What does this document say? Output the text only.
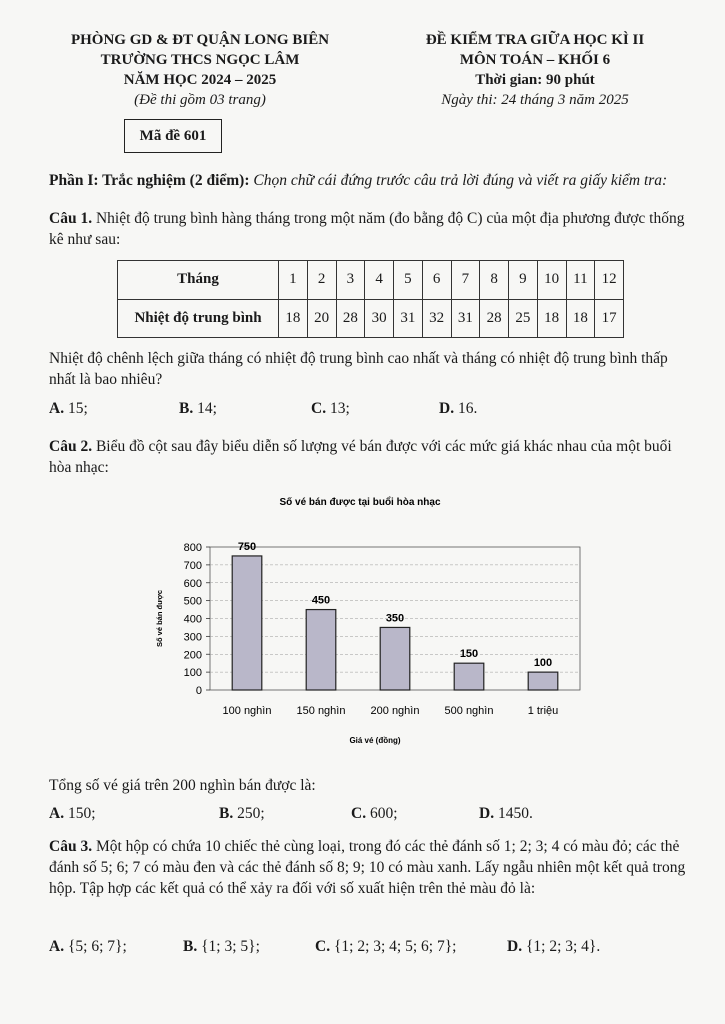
PHÒNG GD & ĐT QUẬN LONG BIÊN
TRƯỜNG THCS NGỌC LÂM
NĂM HỌC 2024 – 2025
(Đề thi gồm 03 trang)
ĐỀ KIỂM TRA GIỮA HỌC KÌ II
MÔN TOÁN – KHỐI 6
Thời gian: 90 phút
Ngày thi: 24 tháng 3 năm 2025
Mã đề 601
Phần I: Trắc nghiệm (2 điểm): Chọn chữ cái đứng trước câu trả lời đúng và viết ra giấy kiểm tra:
Câu 1. Nhiệt độ trung bình hàng tháng trong một năm (đo bằng độ C) của một địa phương được thống kê như sau:
Tháng	1	2	3	4	5	6	7	8	9	10	11	12
Nhiệt độ trung bình	18	20	28	30	31	32	31	28	25	18	18	17
Nhiệt độ chênh lệch giữa tháng có nhiệt độ trung bình cao nhất và tháng có nhiệt độ trung bình thấp nhất là bao nhiêu?
A. 15;	B. 14;	C. 13;	D. 16.
Câu 2. Biểu đồ cột sau đây biểu diễn số lượng vé bán được với các mức giá khác nhau của một buổi hòa nhạc:
Số vé bán được tại buổi hòa nhạc
0
100
200
300
400
500
600
700
800	750
100 nghìn
450
150 nghìn
350
200 nghìn
150
500 nghìn
100
1 triệu
Số vé bán được
Giá vé (đồng)
Tổng số vé giá trên 200 nghìn bán được là:
A. 150;	B. 250;	C. 600;	D. 1450.
Câu 3. Một hộp có chứa 10 chiếc thẻ cùng loại, trong đó các thẻ đánh số 1; 2; 3; 4 có màu đỏ; các thẻ đánh số 5; 6; 7 có màu đen và các thẻ đánh số 8; 9; 10 có màu xanh. Lấy ngẫu nhiên một kết quả trong hộp. Tập hợp các kết quả có thể xảy ra đối với số xuất hiện trên thẻ màu đỏ là:
A. {5; 6; 7};	B. {1; 3; 5};	C. {1; 2; 3; 4; 5; 6; 7};	D. {1; 2; 3; 4}.
